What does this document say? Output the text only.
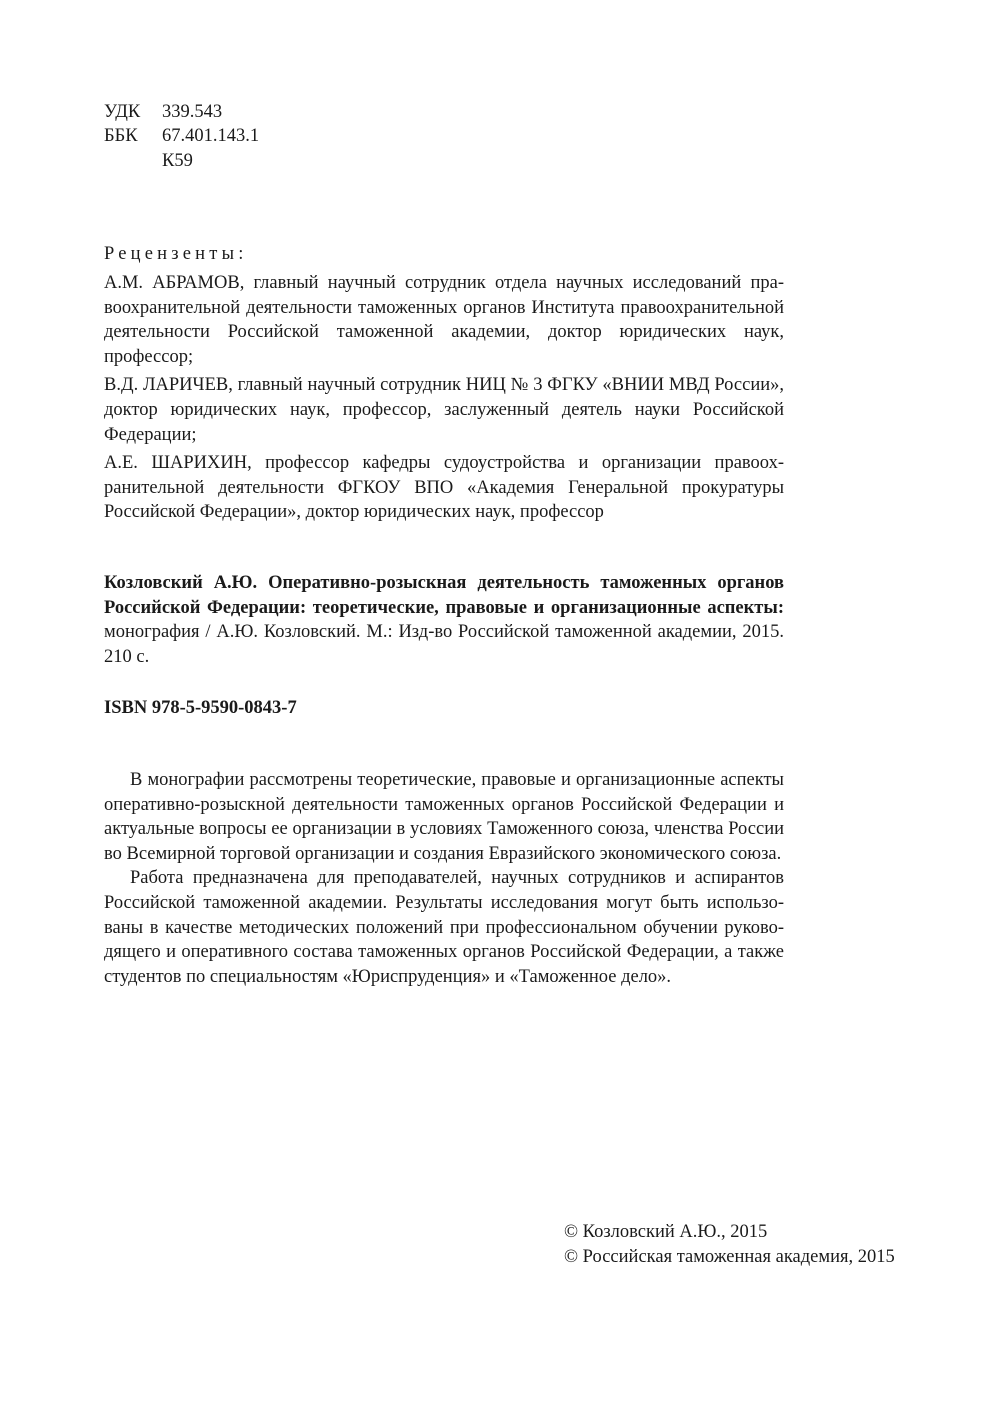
УДК	339.543
ББК	67.401.143.1
К59
Рецензенты:

А.М. АБРАМОВ, главный научный сотрудник отдела научных исследований правоохранительной деятельности таможенных органов Института правоохранительной деятельности Российской таможенной академии, доктор юридических наук, профессор;

В.Д. ЛАРИЧЕВ, главный научный сотрудник НИЦ № 3 ФГКУ «ВНИИ МВД России», доктор юридических наук, профессор, заслуженный деятель науки Российской Федерации;

А.Е. ШАРИХИН, профессор кафедры судоустройства и организации правоохранительной деятельности ФГКОУ ВПО «Академия Генеральной прокуратуры Российской Федерации», доктор юридических наук, профессор

Козловский А.Ю. Оперативно-розыскная деятельность таможенных органов Российской Федерации: теоретические, правовые и организационные аспекты: монография / А.Ю. Козловский. М.: Изд-во Российской таможенной академии, 2015. 210 с.
ISBN 978-5-9590-0843-7

В монографии рассмотрены теоретические, правовые и организационные аспекты оперативно-розыскной деятельности таможенных органов Российской Федерации и актуальные вопросы ее организации в условиях Таможенного союза, членства России во Всемирной торговой организации и создания Евразийского экономического союза.

Работа предназначена для преподавателей, научных сотрудников и аспирантов Российской таможенной академии. Результаты исследования могут быть использованы в качестве методических положений при профессиональном обучении руководящего и оперативного состава таможенных органов Российской Федерации, а также студентов по специальностям «Юриспруденция» и «Таможенное дело».

© Козловский А.Ю., 2015
© Российская таможенная академия, 2015
